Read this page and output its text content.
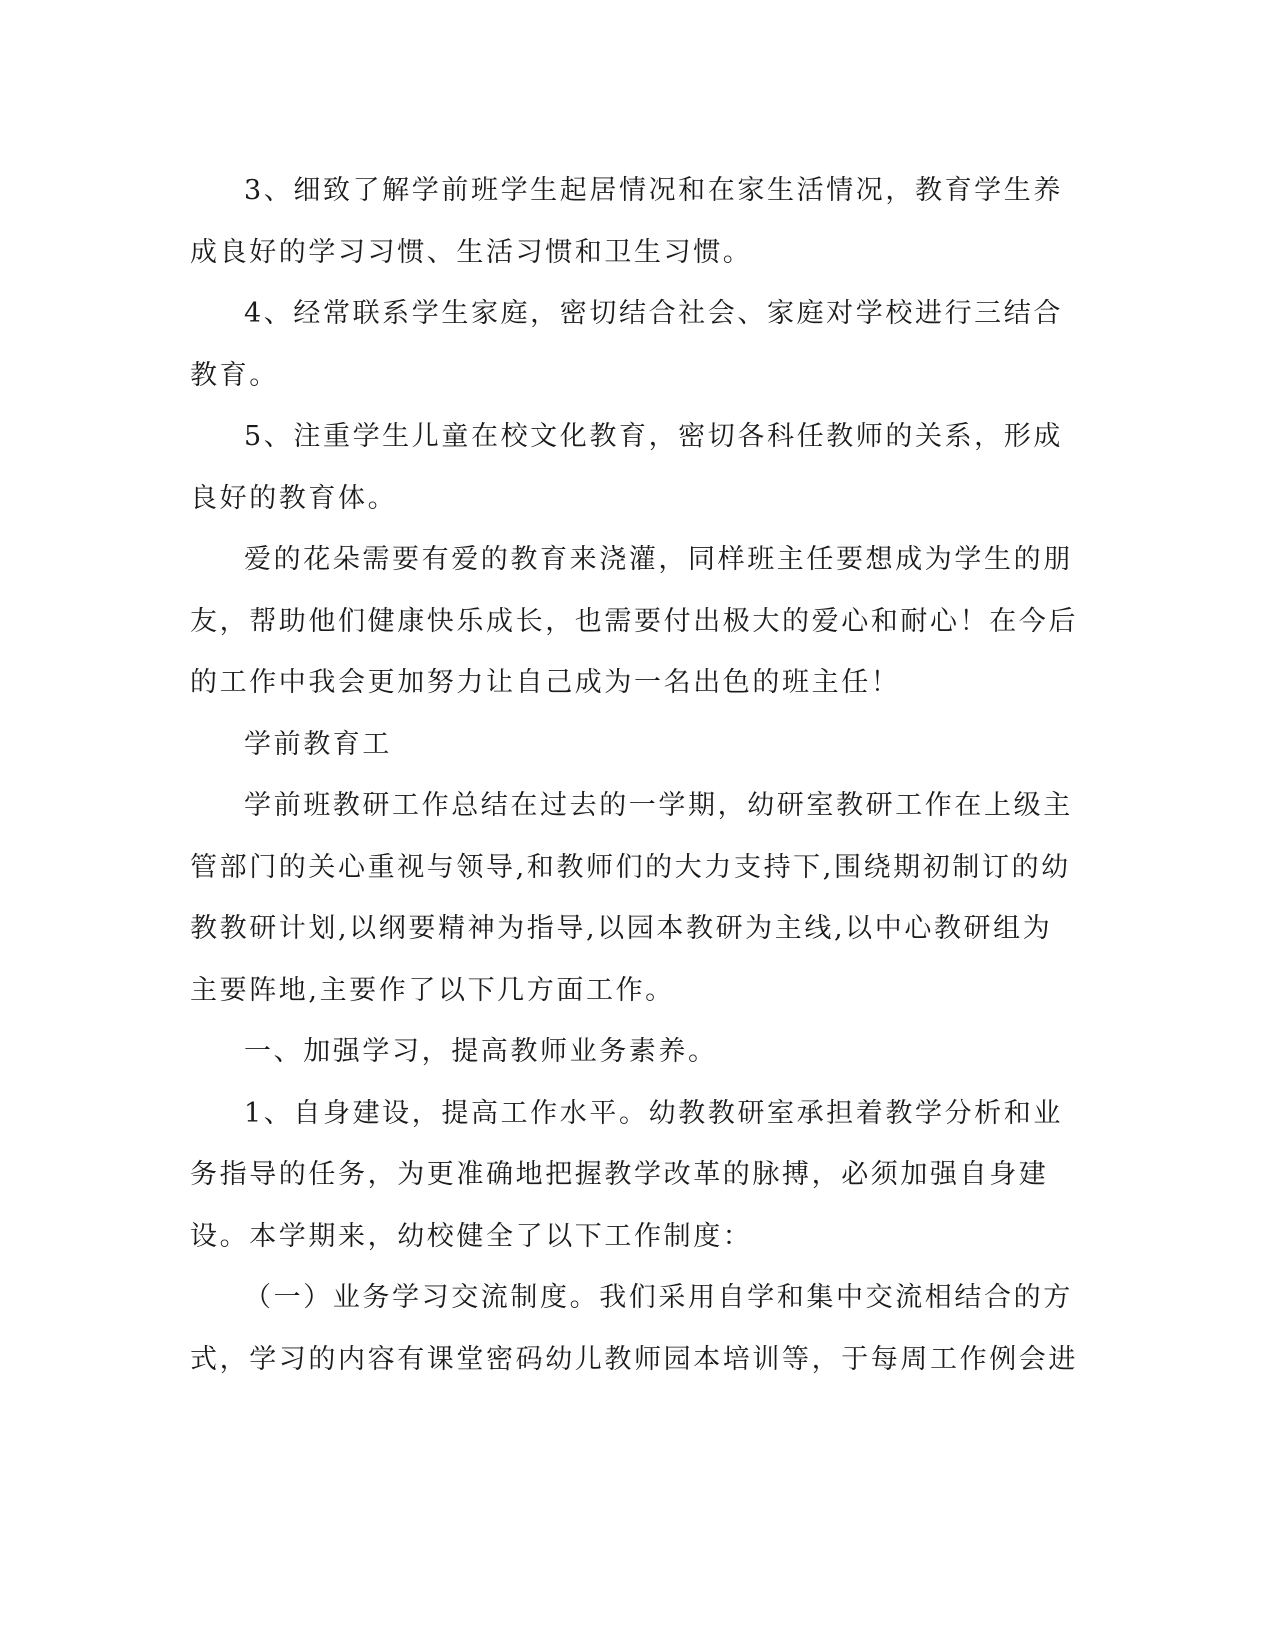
3、细致了解学前班学生起居情况和在家生活情况，教育学生养成良好的学习习惯、生活习惯和卫生习惯。

4、经常联系学生家庭，密切结合社会、家庭对学校进行三结合教育。

5、注重学生儿童在校文化教育，密切各科任教师的关系，形成良好的教育体。

爱的花朵需要有爱的教育来浇灌，同样班主任要想成为学生的朋友，帮助他们健康快乐成长，也需要付出极大的爱心和耐心！在今后的工作中我会更加努力让自己成为一名出色的班主任！

学前教育工

学前班教研工作总结在过去的一学期，幼研室教研工作在上级主管部门的关心重视与领导,和教师们的大力支持下,围绕期初制订的幼教教研计划,以纲要精神为指导,以园本教研为主线,以中心教研组为主要阵地,主要作了以下几方面工作。

一、加强学习，提高教师业务素养。

1、自身建设，提高工作水平。幼教教研室承担着教学分析和业务指导的任务，为更准确地把握教学改革的脉搏，必须加强自身建设。本学期来，幼校健全了以下工作制度：

（一）业务学习交流制度。我们采用自学和集中交流相结合的方式，学习的内容有课堂密码幼儿教师园本培训等，于每周工作例会进
